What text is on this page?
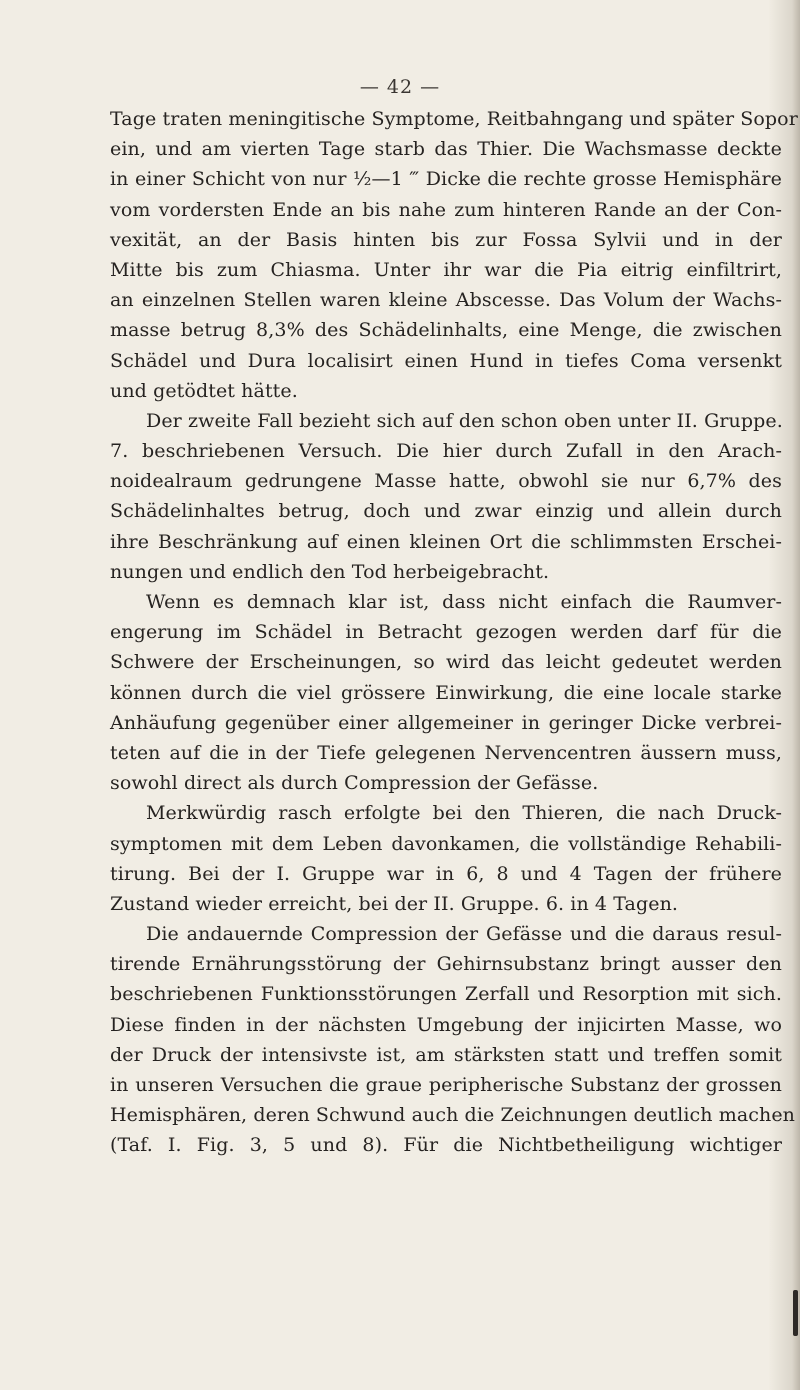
— 42 —
Tage traten meningitische Symptome, Reitbahngang und später Sopor
ein, und am vierten Tage starb das Thier. Die Wachsmasse deckte
in einer Schicht von nur ½—1 ‴ Dicke die rechte grosse Hemisphäre
vom vordersten Ende an bis nahe zum hinteren Rande an der Con-
vexität, an der Basis hinten bis zur Fossa Sylvii und in der
Mitte bis zum Chiasma. Unter ihr war die Pia eitrig einfiltrirt,
an einzelnen Stellen waren kleine Abscesse. Das Volum der Wachs-
masse betrug 8,3% des Schädelinhalts, eine Menge, die zwischen
Schädel und Dura localisirt einen Hund in tiefes Coma versenkt
und getödtet hätte.
Der zweite Fall bezieht sich auf den schon oben unter II. Gruppe.
7. beschriebenen Versuch. Die hier durch Zufall in den Arach-
noidealraum gedrungene Masse hatte, obwohl sie nur 6,7% des
Schädelinhaltes betrug, doch und zwar einzig und allein durch
ihre Beschränkung auf einen kleinen Ort die schlimmsten Erschei-
nungen und endlich den Tod herbeigebracht.
Wenn es demnach klar ist, dass nicht einfach die Raumver-
engerung im Schädel in Betracht gezogen werden darf für die
Schwere der Erscheinungen, so wird das leicht gedeutet werden
können durch die viel grössere Einwirkung, die eine locale starke
Anhäufung gegenüber einer allgemeiner in geringer Dicke verbrei-
teten auf die in der Tiefe gelegenen Nervencentren äussern muss,
sowohl direct als durch Compression der Gefässe.
Merkwürdig rasch erfolgte bei den Thieren, die nach Druck-
symptomen mit dem Leben davonkamen, die vollständige Rehabili-
tirung. Bei der I. Gruppe war in 6, 8 und 4 Tagen der frühere
Zustand wieder erreicht, bei der II. Gruppe. 6. in 4 Tagen.
Die andauernde Compression der Gefässe und die daraus resul-
tirende Ernährungsstörung der Gehirnsubstanz bringt ausser den
beschriebenen Funktionsstörungen Zerfall und Resorption mit sich.
Diese finden in der nächsten Umgebung der injicirten Masse, wo
der Druck der intensivste ist, am stärksten statt und treffen somit
in unseren Versuchen die graue peripherische Substanz der grossen
Hemisphären, deren Schwund auch die Zeichnungen deutlich machen
(Taf. I. Fig. 3, 5 und 8). Für die Nichtbetheiligung wichtiger
